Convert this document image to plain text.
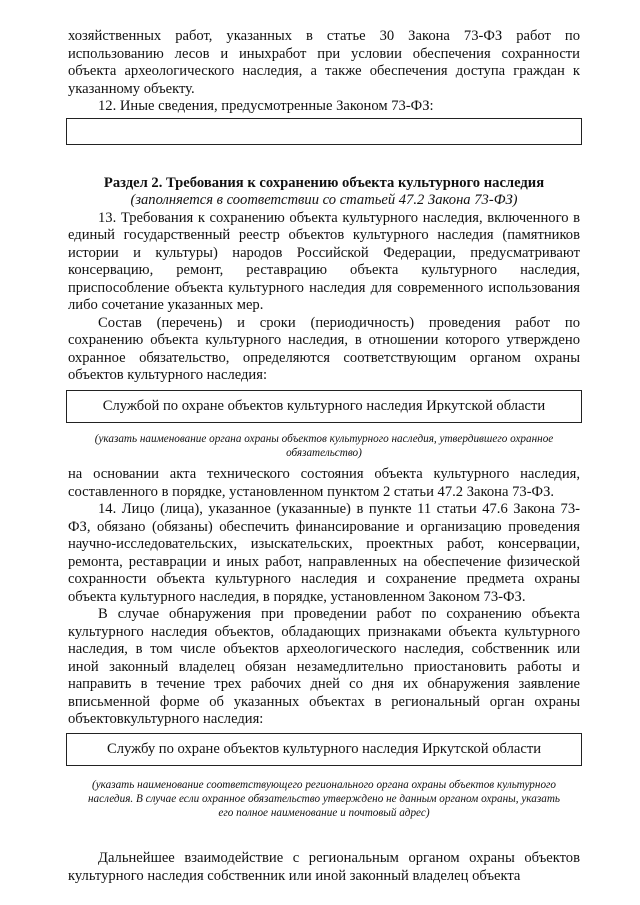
хозяйственных работ, указанных в статье 30 Закона 73-ФЗ работ по использованию лесов и иныхработ при условии обеспечения сохранности объекта археологического наследия, а также обеспечения доступа граждан к указанному объекту.

12. Иные сведения, предусмотренные Законом 73-ФЗ:

Раздел 2. Требования к сохранению объекта культурного наследия
(заполняется в соответствии со статьей 47.2 Закона 73-ФЗ)

13. Требования к сохранению объекта культурного наследия, включенного в единый государственный реестр объектов культурного наследия (памятников истории и культуры) народов Российской Федерации, предусматривают консервацию, ремонт, реставрацию объекта культурного наследия, приспособление объекта культурного наследия для современного использования либо сочетание указанных мер.

Состав (перечень) и сроки (периодичность) проведения работ по сохранению объекта культурного наследия, в отношении которого утверждено охранное обязательство, определяются соответствующим органом охраны объектов культурного наследия:

Службой по охране объектов культурного наследия Иркутской области
(указать наименование органа охраны объектов культурного наследия, утвердившего охранное обязательство)

на основании акта технического состояния объекта культурного наследия, составленного в порядке, установленном пунктом 2 статьи 47.2 Закона 73-ФЗ.

14. Лицо (лица), указанное (указанные) в пункте 11 статьи 47.6 Закона 73-ФЗ, обязано (обязаны) обеспечить финансирование и организацию проведения научно-исследовательских, изыскательских, проектных работ, консервации, ремонта, реставрации и иных работ, направленных на обеспечение физической сохранности объекта культурного наследия и сохранение предмета охраны объекта культурного наследия, в порядке, установленном Законом 73-ФЗ.

В случае обнаружения при проведении работ по сохранению объекта культурного наследия объектов, обладающих признаками объекта культурного наследия, в том числе объектов археологического наследия, собственник или иной законный владелец обязан незамедлительно приостановить работы и направить в течение трех рабочих дней со дня их обнаружения заявление вписьменной форме об указанных объектах в региональный орган охраны объектовкультурного наследия:

Службу по охране объектов культурного наследия Иркутской области
(указать наименование соответствующего регионального органа охраны объектов культурного наследия. В случае если охранное обязательство утверждено не данным органом охраны, указать его полное наименование и почтовый адрес)

Дальнейшее взаимодействие с региональным органом охраны объектов культурного наследия собственник или иной законный владелец объекта
